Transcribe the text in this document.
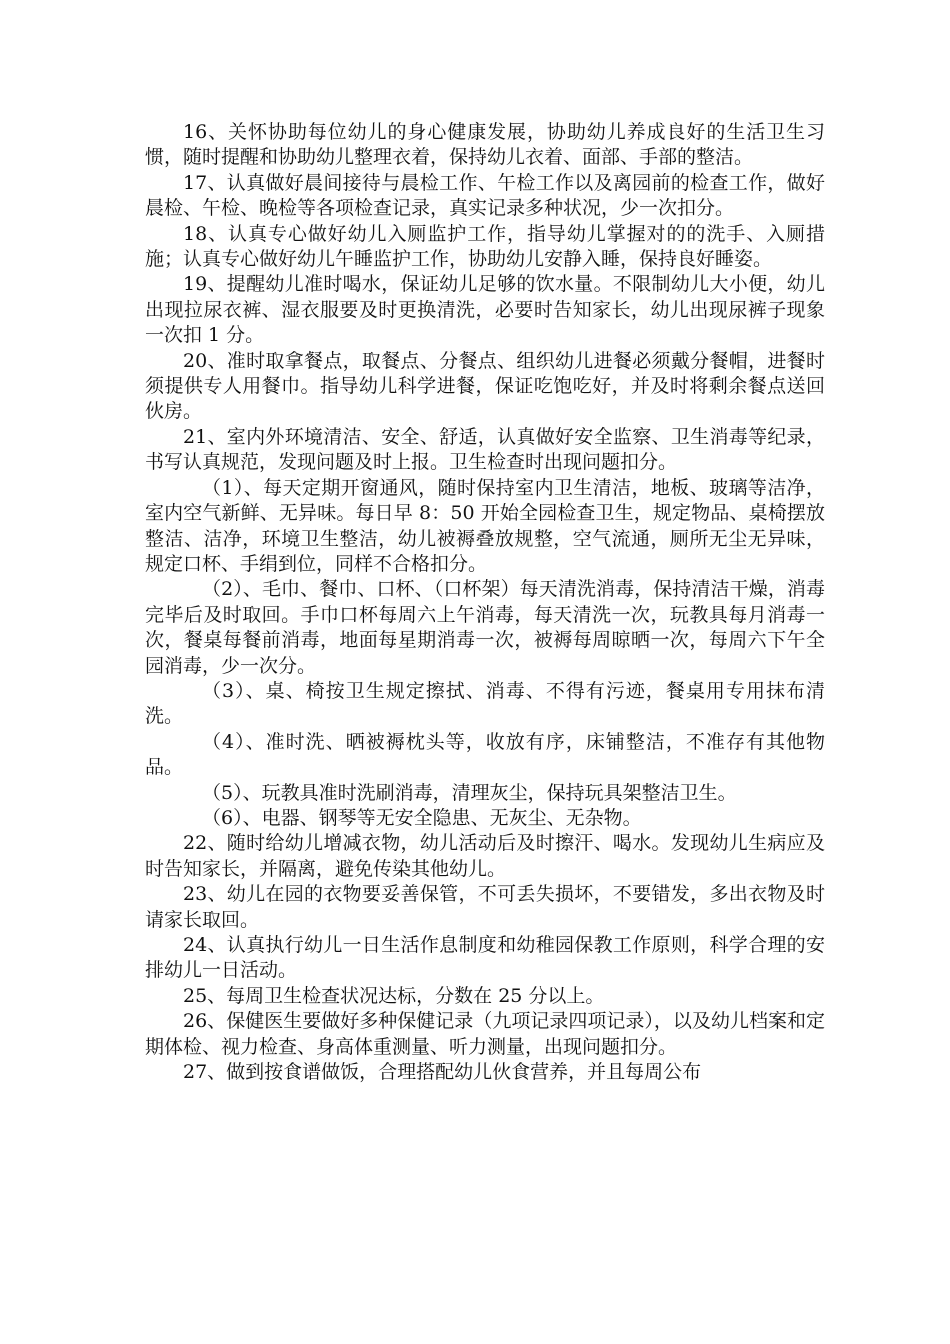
16、关怀协助每位幼儿的身心健康发展，协助幼儿养成良好的生活卫生习惯，随时提醒和协助幼儿整理衣着，保持幼儿衣着、面部、手部的整洁。

17、认真做好晨间接待与晨检工作、午检工作以及离园前的检查工作，做好晨检、午检、晚检等各项检查记录，真实记录多种状况，少一次扣分。

18、认真专心做好幼儿入厕监护工作，指导幼儿掌握对的的洗手、入厕措施；认真专心做好幼儿午睡监护工作，协助幼儿安静入睡，保持良好睡姿。

19、提醒幼儿准时喝水，保证幼儿足够的饮水量。不限制幼儿大小便，幼儿出现拉尿衣裤、湿衣服要及时更换清洗，必要时告知家长，幼儿出现尿裤子现象一次扣 1 分。

20、准时取拿餐点，取餐点、分餐点、组织幼儿进餐必须戴分餐帽，进餐时须提供专人用餐巾。指导幼儿科学进餐，保证吃饱吃好，并及时将剩余餐点送回伙房。

21、室内外环境清洁、安全、舒适，认真做好安全监察、卫生消毒等纪录，书写认真规范，发现问题及时上报。卫生检查时出现问题扣分。

（1）、每天定期开窗通风，随时保持室内卫生清洁，地板、玻璃等洁净，室内空气新鲜、无异味。每日早 8：50 开始全园检查卫生，规定物品、桌椅摆放整洁、洁净，环境卫生整洁，幼儿被褥叠放规整，空气流通，厕所无尘无异味，规定口杯、手绢到位，同样不合格扣分。

（2）、毛巾、餐巾、口杯、（口杯架）每天清洗消毒，保持清洁干燥，消毒完毕后及时取回。手巾口杯每周六上午消毒，每天清洗一次，玩教具每月消毒一次，餐桌每餐前消毒，地面每星期消毒一次，被褥每周晾晒一次，每周六下午全园消毒，少一次分。

（3）、桌、椅按卫生规定擦拭、消毒、不得有污迹，餐桌用专用抹布清洗。

（4）、准时洗、晒被褥枕头等，收放有序，床铺整洁，不准存有其他物品。

（5）、玩教具准时洗刷消毒，清理灰尘，保持玩具架整洁卫生。

（6）、电器、钢琴等无安全隐患、无灰尘、无杂物。

22、随时给幼儿增减衣物，幼儿活动后及时擦汗、喝水。发现幼儿生病应及时告知家长，并隔离，避免传染其他幼儿。

23、幼儿在园的衣物要妥善保管，不可丢失损坏，不要错发，多出衣物及时请家长取回。

24、认真执行幼儿一日生活作息制度和幼稚园保教工作原则，科学合理的安排幼儿一日活动。

25、每周卫生检查状况达标，分数在 25 分以上。

26、保健医生要做好多种保健记录（九项记录四项记录），以及幼儿档案和定期体检、视力检查、身高体重测量、听力测量，出现问题扣分。

27、做到按食谱做饭，合理搭配幼儿伙食营养，并且每周公布
